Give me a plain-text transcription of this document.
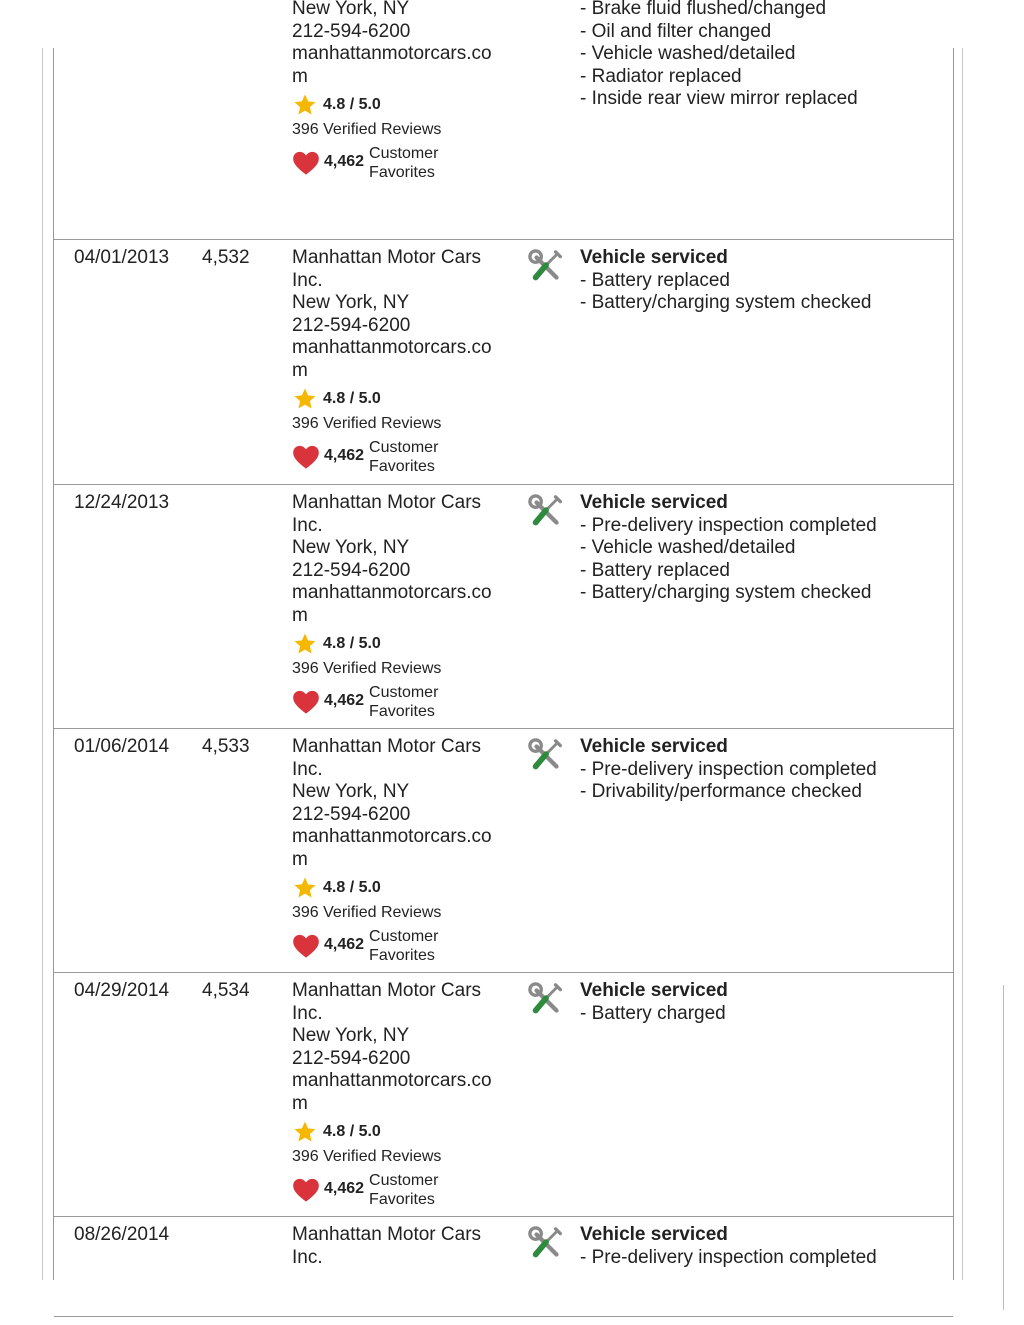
New York, NY
212-594-6200
manhattanmotorcars.co
m
4.8 / 5.0
396 Verified Reviews
4,462
Customer
Favorites
- Brake fluid flushed/changed
- Oil and filter changed
- Vehicle washed/detailed
- Radiator replaced
- Inside rear view mirror replaced
04/01/2013 4,532 Manhattan Motor Cars
Inc.
New York, NY
212-594-6200
manhattanmotorcars.co
m
4.8 / 5.0
396 Verified Reviews
4,462
Customer
Favorites
Vehicle serviced
- Battery replaced
- Battery/charging system checked
12/24/2013	Manhattan Motor Cars
Inc.
New York, NY
212-594-6200
manhattanmotorcars.co
m
4.8 / 5.0
396 Verified Reviews
4,462
Customer
Favorites
Vehicle serviced
- Pre-delivery inspection completed
- Vehicle washed/detailed
- Battery replaced
- Battery/charging system checked
01/06/2014 4,533 Manhattan Motor Cars
Inc.
New York, NY
212-594-6200
manhattanmotorcars.co
m
4.8 / 5.0
396 Verified Reviews
4,462
Customer
Favorites
Vehicle serviced
- Pre-delivery inspection completed
- Drivability/performance checked
04/29/2014 4,534 Manhattan Motor Cars
Inc.
New York, NY
212-594-6200
manhattanmotorcars.co
m
4.8 / 5.0
396 Verified Reviews
4,462
Customer
Favorites
Vehicle serviced
- Battery charged
08/26/2014	Manhattan Motor Cars
Inc.
Vehicle serviced
- Pre-delivery inspection completed
